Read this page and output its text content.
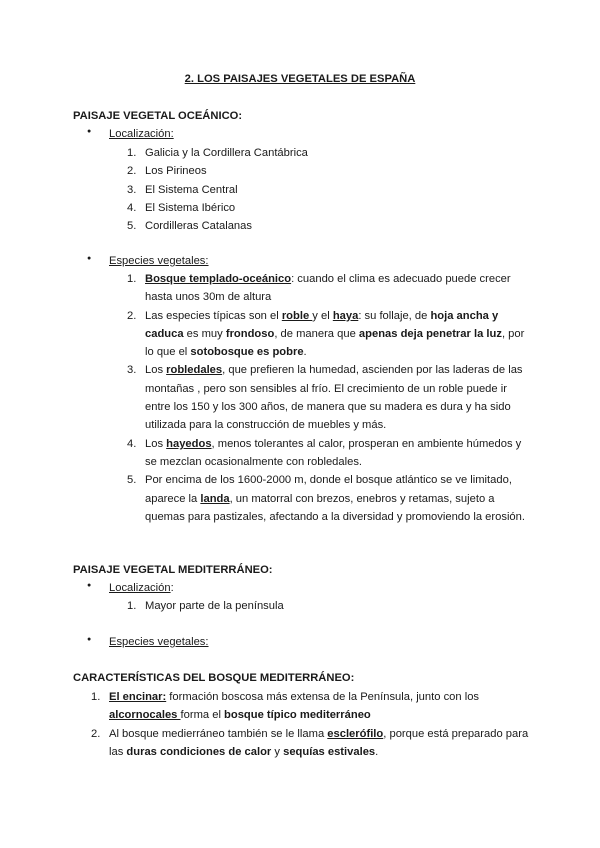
2. LOS PAISAJES VEGETALES DE ESPAÑA
PAISAJE VEGETAL OCEÁNICO:
● Localización:
1. Galicia y la Cordillera Cantábrica
2. Los Pirineos
3. El Sistema Central
4. El Sistema Ibérico
5. Cordilleras Catalanas
● Especies vegetales:
1. Bosque templado-oceánico: cuando el clima es adecuado puede crecer hasta unos 30m de altura
2. Las especies típicas son el roble y el haya: su follaje, de hoja ancha y caduca es muy frondoso, de manera que apenas deja penetrar la luz, por lo que el sotobosque es pobre.
3. Los robledales, que prefieren la humedad, ascienden por las laderas de las montañas , pero son sensibles al frío. El crecimiento de un roble puede ir entre los 150 y los 300 años, de manera que su madera es dura y ha sido utilizada para la construcción de muebles y más.
4. Los hayedos, menos tolerantes al calor, prosperan en ambiente húmedos y se mezclan ocasionalmente con robledales.
5. Por encima de los 1600-2000 m, donde el bosque atlántico se ve limitado, aparece la landa, un matorral con brezos, enebros y retamas, sujeto a quemas para pastizales, afectando a la diversidad y promoviendo la erosión.
PAISAJE VEGETAL MEDITERRÁNEO:
● Localización:
1. Mayor parte de la península
● Especies vegetales:
CARACTERÍSTICAS DEL BOSQUE MEDITERRÁNEO:
1. El encinar: formación boscosa más extensa de la Península, junto con los alcornocales forma el bosque típico mediterráneo
2. Al bosque medierráneo también se le llama esclerófilo, porque está preparado para las duras condiciones de calor y sequías estivales.
